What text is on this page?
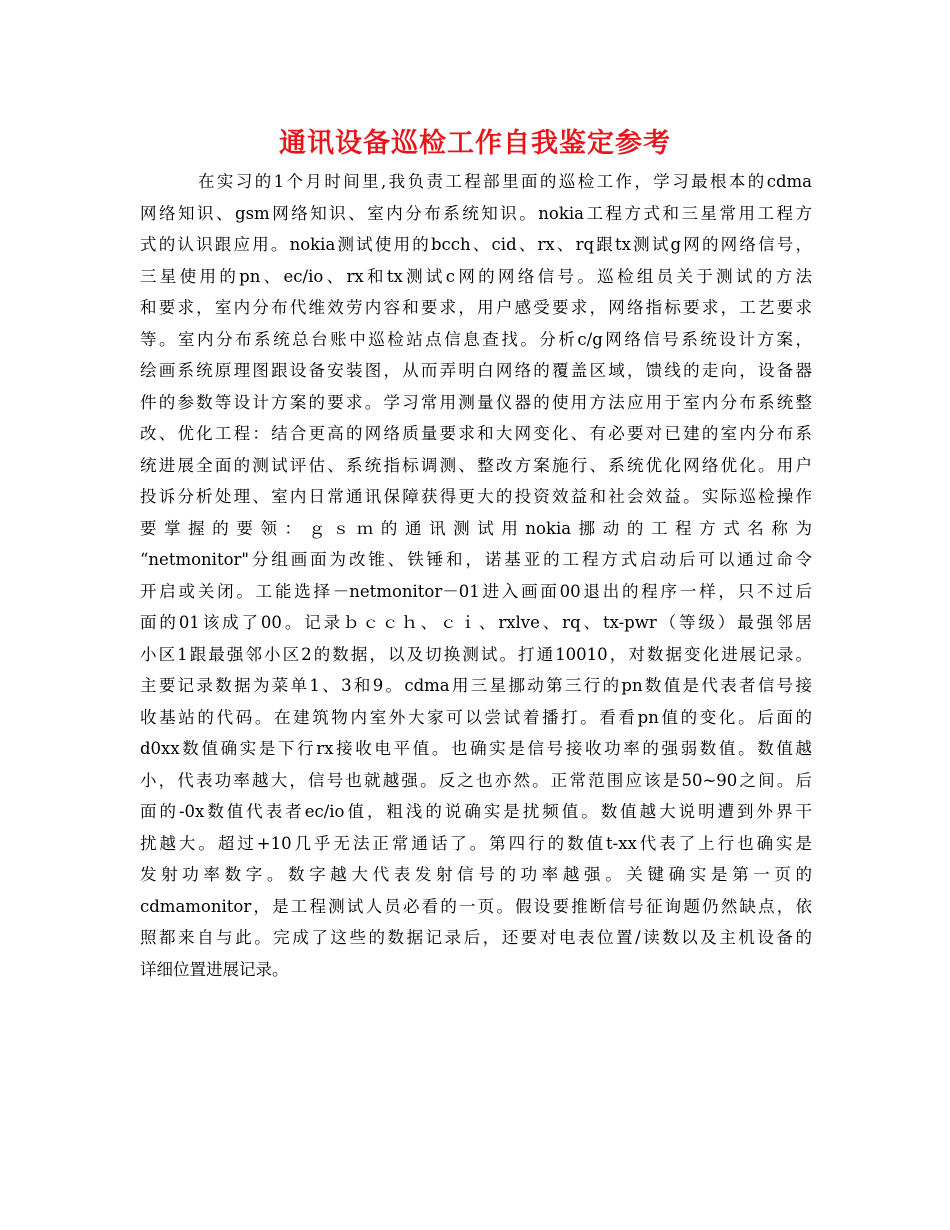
通讯设备巡检工作自我鉴定参考
在实习的1个月时间里,我负责工程部里面的巡检工作，学习最根本的cdma
网络知识、gsm网络知识、室内分布系统知识。nokia工程方式和三星常用工程方
式的认识跟应用。nokia测试使用的bcch、cid、rx、rq跟tx测试g网的网络信号，
三星使用的pn、ec/io、rx和tx测试c网的网络信号。巡检组员关于测试的方法
和要求，室内分布代维效劳内容和要求，用户感受要求，网络指标要求，工艺要求
等。室内分布系统总台账中巡检站点信息查找。分析c/g网络信号系统设计方案，
绘画系统原理图跟设备安装图，从而弄明白网络的覆盖区域，馈线的走向，设备器
件的参数等设计方案的要求。学习常用测量仪器的使用方法应用于室内分布系统整
改、优化工程：结合更高的网络质量要求和大网变化、有必要对已建的室内分布系
统进展全面的测试评估、系统指标调测、整改方案施行、系统优化网络优化。用户
投诉分析处理、室内日常通讯保障获得更大的投资效益和社会效益。实际巡检操作
要掌握的要领：ｇｓｍ的通讯测试用nokia挪动的工程方式名称为
“netmonitor"分组画面为改锥、铁锤和，诺基亚的工程方式启动后可以通过命令
开启或关闭。工能选择－netmonitor－01进入画面00退出的程序一样，只不过后
面的01该成了00。记录ｂｃｃｈ、ｃｉ、rxlve、rq、tx-pwr（等级）最强邻居
小区1跟最强邻小区2的数据，以及切换测试。打通10010，对数据变化进展记录。
主要记录数据为菜单1、3和9。cdma用三星挪动第三行的pn数值是代表者信号接
收基站的代码。在建筑物内室外大家可以尝试着播打。看看pn值的变化。后面的
d0xx数值确实是下行rx接收电平值。也确实是信号接收功率的强弱数值。数值越
小，代表功率越大，信号也就越强。反之也亦然。正常范围应该是50~90之间。后
面的-0x数值代表者ec/io值，粗浅的说确实是扰频值。数值越大说明遭到外界干
扰越大。超过+10几乎无法正常通话了。第四行的数值t-xx代表了上行也确实是
发射功率数字。数字越大代表发射信号的功率越强。关键确实是第一页的
cdmamonitor，是工程测试人员必看的一页。假设要推断信号征询题仍然缺点，依
照都来自与此。完成了这些的数据记录后，还要对电表位置/读数以及主机设备的
详细位置进展记录。
